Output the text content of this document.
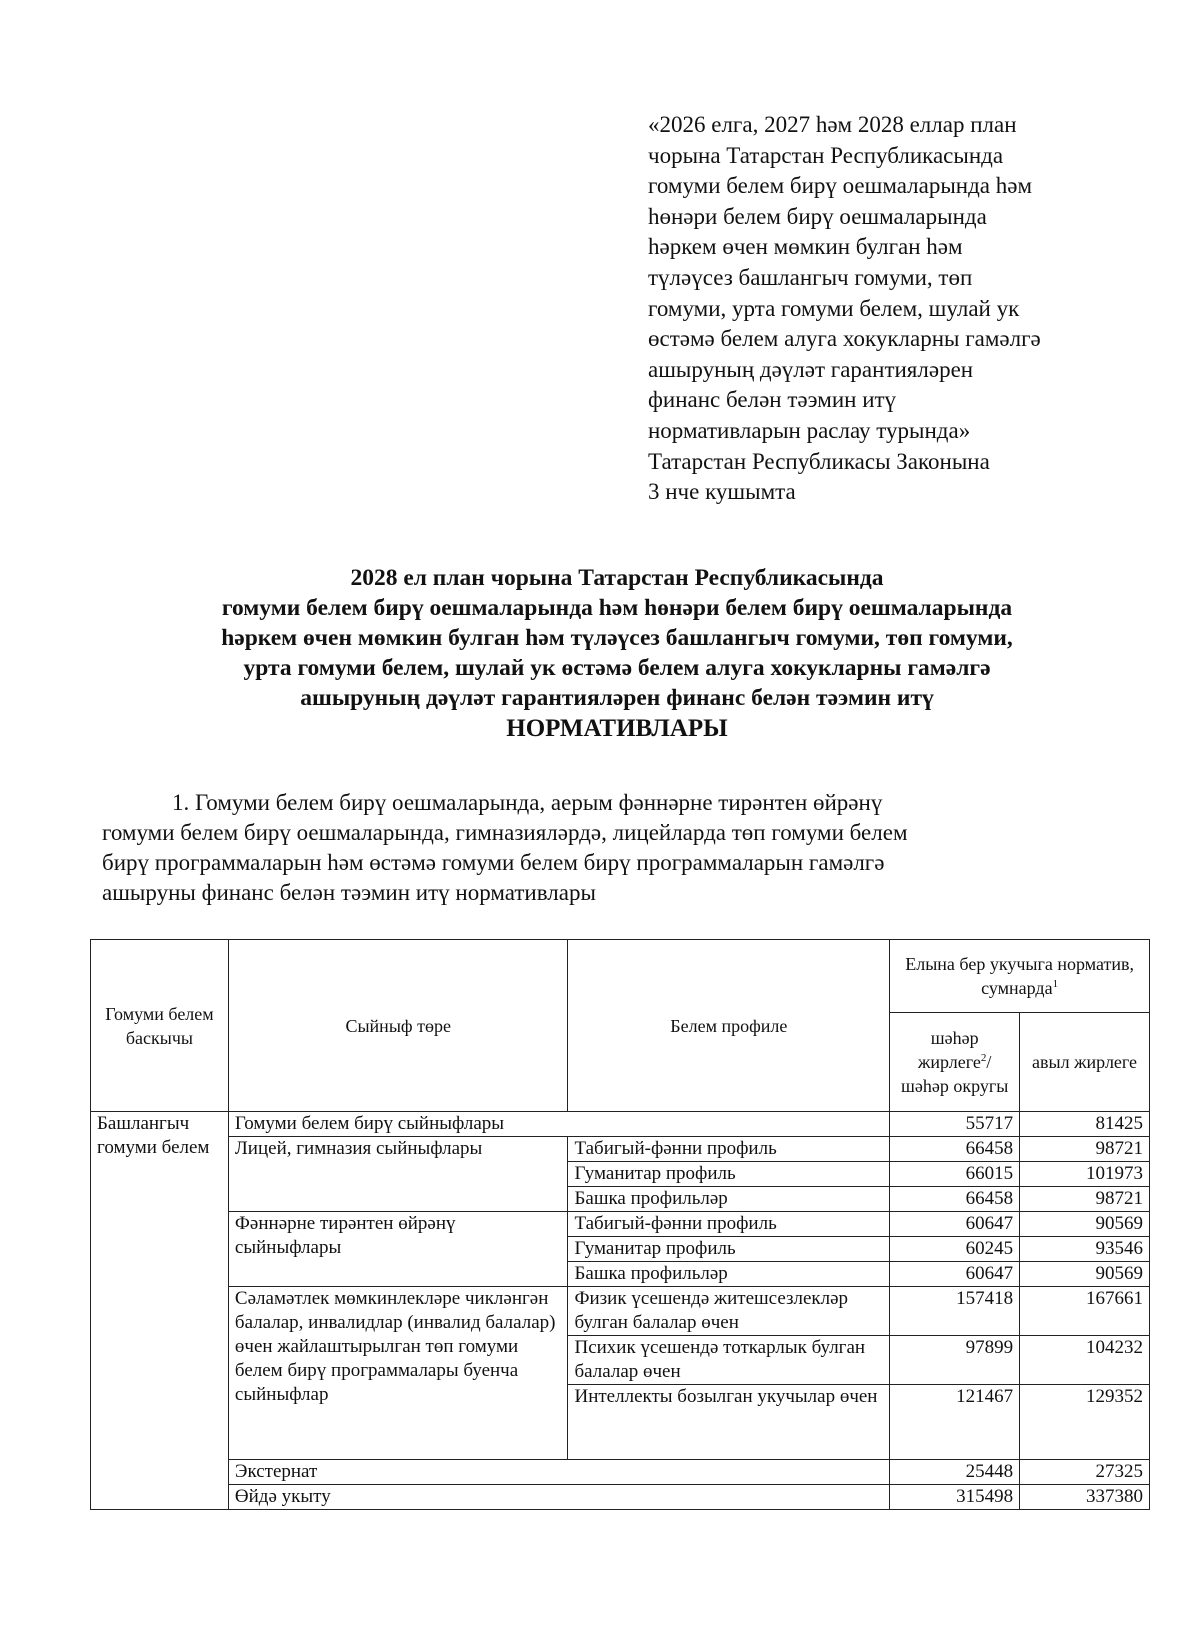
«2026 елга, 2027 һәм 2028 еллар план
чорына Татарстан Республикасында
гомуми белем бирү оешмаларында һәм
һөнәри белем бирү оешмаларында
һәркем өчен мөмкин булган һәм
түләүсез башлангыч гомуми, төп
гомуми, урта гомуми белем, шулай ук
өстәмә белем алуга хокукларны гамәлгә
ашыруның дәүләт гарантияләрен
финанс белән тәэмин итү
нормативларын раслау турында»
Татарстан Республикасы Законына
3 нче кушымта
2028 ел план чорына Татарстан Республикасында
гомуми белем бирү оешмаларында һәм һөнәри белем бирү оешмаларында
һәркем өчен мөмкин булган һәм түләүсез башлангыч гомуми, төп гомуми,
урта гомуми белем, шулай ук өстәмә белем алуга хокукларны гамәлгә
ашыруның дәүләт гарантияләрен финанс белән тәэмин итү
НОРМАТИВЛАРЫ
1. Гомуми белем бирү оешмаларында, аерым фәннәрне тирәнтен өйрәнү
гомуми белем бирү оешмаларында, гимназияләрдә, лицейларда төп гомуми белем
бирү программаларын һәм өстәмә гомуми белем бирү программаларын гамәлгә
ашыруны финанс белән тәэмин итү нормативлары
Гомуми белем баскычы	Сыйныф төре	Белем профиле	Елына бер укучыга норматив, сумнарда$^1$
			шәһәр жирлеге$^2$/ шәһәр округы	авыл жирлеге
Башлангыч гомуми белем	Гомуми белем бирү сыйныфлары		55717	81425
	Лицей, гимназия сыйныфлары	Табигый-фәнни профиль	66458	98721
		Гуманитар профиль	66015	101973
		Башка профильләр	66458	98721
	Фәннәрне тирәнтен өйрәнү сыйныфлары	Табигый-фәнни профиль	60647	90569
		Гуманитар профиль	60245	93546
		Башка профильләр	60647	90569
	Сәламәтлек мөмкинлекләре чикләнгән балалар, инвалидлар (инвалид балалар) өчен жайлаштырылган төп гомуми белем бирү программалары буенча сыйныфлар	Физик үсешендә житешсезлекләр булган балалар өчен	157418	167661
		Психик үсешендә тоткарлык булган балалар өчен	97899	104232
		Интеллекты бозылган укучылар өчен	121467	129352
	Экстернат		25448	27325
	Өйдә укыту		315498	337380
